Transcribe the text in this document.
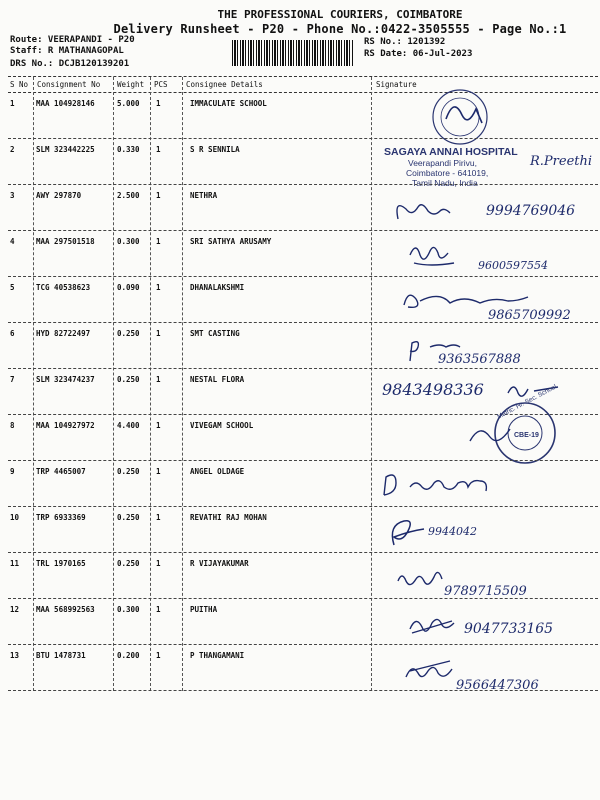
THE PROFESSIONAL COURIERS, COIMBATORE
Delivery Runsheet - P20 - Phone No.:0422-3505555 - Page No.:1
Route: VEERAPANDI - P20
Staff: R MATHANAGOPAL
DRS No.: DCJB120139201
RS No.: 1201392
RS Date: 06-Jul-2023
S No Consignment No Weight PCS Consignee Details	Signature
1	MAA 104928146	5.000 1	IMMACULATE SCHOOL
2	SLM 323442225	0.330 1	S R SENNILA	SAGAYA ANNAI HOSPITAL
Veerapandi Pirivu,
Coimbatore - 641019,
Tamil Nadu, India
R.Preethi
3	AWY 297870	2.500 1	NETHRA
9994769046
4	MAA 297501518	0.300 1	SRI SATHYA ARUSAMY
9600597554
5	TCG 40538623	0.090 1	DHANALAKSHMI
9865709992
6	HYD 82722497	0.250 1	SMT CASTING
9363567888
7	SLM 323474237	0.250 1	NESTAL FLORA
9843498336
8	MAA 104927972	4.400 1	VIVEGAM SCHOOL
Matric. Hr. Sec. School
CBE-19
9	TRP 4465007	0.250 1	ANGEL OLDAGE
10 TRP 6933369	0.250 1	REVATHI RAJ MOHAN
9944042
11 TRL 1970165	0.250 1	R VIJAYAKUMAR
9789715509
12 MAA 568992563	0.300 1	PUITHA
9047733165
13 BTU 1478731	0.200 1	P THANGAMANI
9566447306
